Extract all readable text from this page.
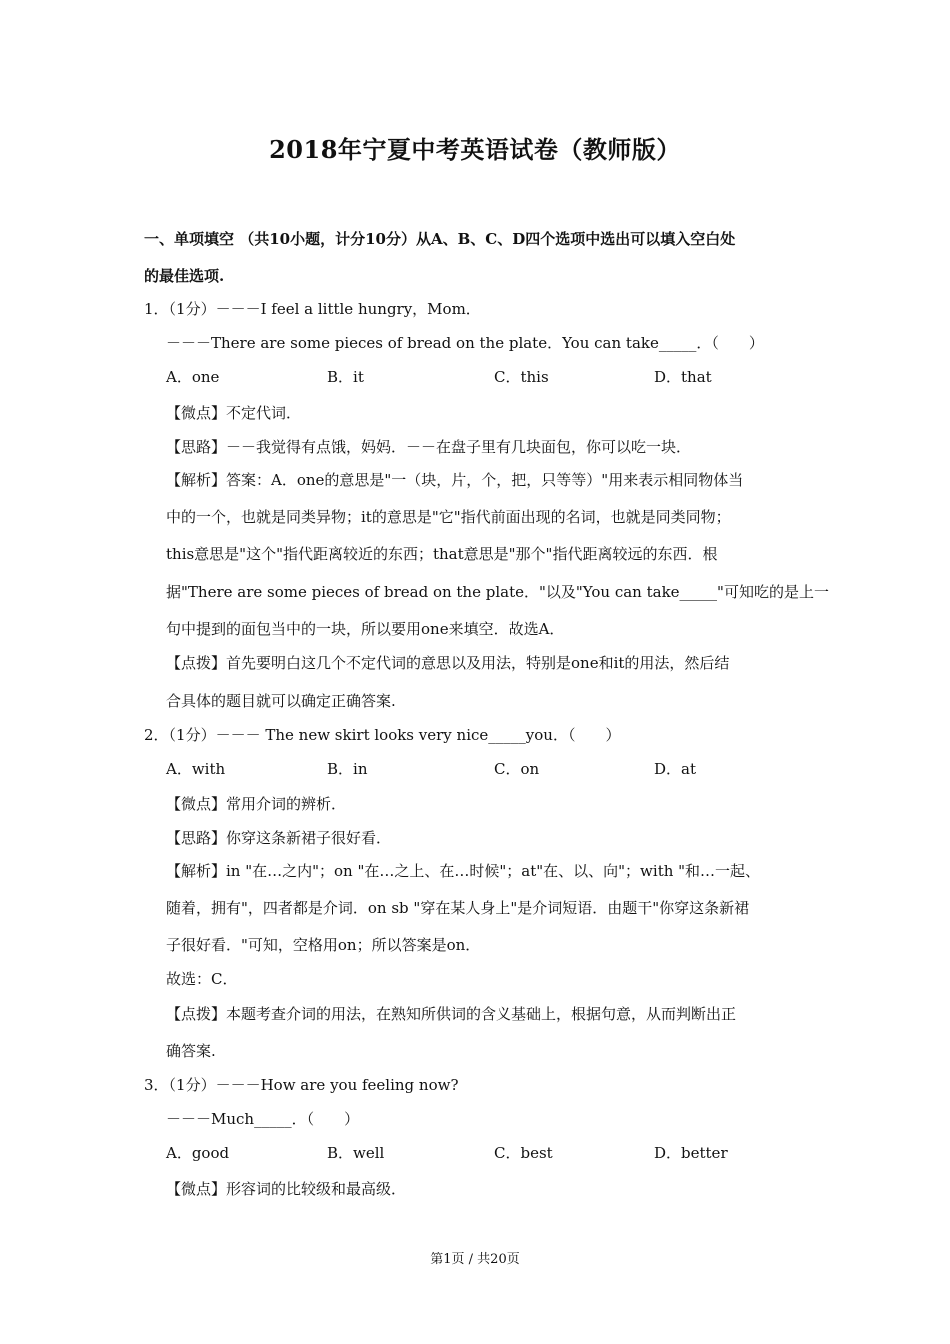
2018年宁夏中考英语试卷（教师版）
一、单项填空 （共10小题，计分10分）从A、B、C、D四个选项中选出可以填入空白处
的最佳选项.
1．（1分）－－－I feel a little hungry，Mom．
－－－There are some pieces of bread on the plate．You can take_____．（　　）
A．one	B．it	C．this	D．that
【微点】不定代词．
【思路】－－我觉得有点饿，妈妈．－－在盘子里有几块面包，你可以吃一块．
【解析】答案：A．one的意思是"一（块，片，个，把，只等等）"用来表示相同物体当
中的一个，也就是同类异物；it的意思是"它"指代前面出现的名词，也就是同类同物；
this意思是"这个"指代距离较近的东西；that意思是"那个"指代距离较远的东西．根
据"There are some pieces of bread on the plate．"以及"You can take_____"可知吃的是上一
句中提到的面包当中的一块，所以要用one来填空．故选A．
【点拨】首先要明白这几个不定代词的意思以及用法，特别是one和it的用法，然后结
合具体的题目就可以确定正确答案.
2．（1分）－－－ The new skirt looks very nice_____you．（　　）
A．with	B．in	C．on	D．at
【微点】常用介词的辨析．
【思路】你穿这条新裙子很好看．
【解析】in "在…之内"；on "在…之上、在…时候"；at"在、以、向"；with "和…一起、
随着，拥有"，四者都是介词．on sb "穿在某人身上"是介词短语．由题干"你穿这条新裙
子很好看．"可知，空格用on；所以答案是on．
故选：C．
【点拨】本题考查介词的用法，在熟知所供词的含义基础上，根据句意，从而判断出正
确答案.
3．（1分）－－－How are you feeling now?
－－－Much_____．（　　）
A．good	B．well	C．best	D．better
【微点】形容词的比较级和最高级．
第1页 / 共20页
